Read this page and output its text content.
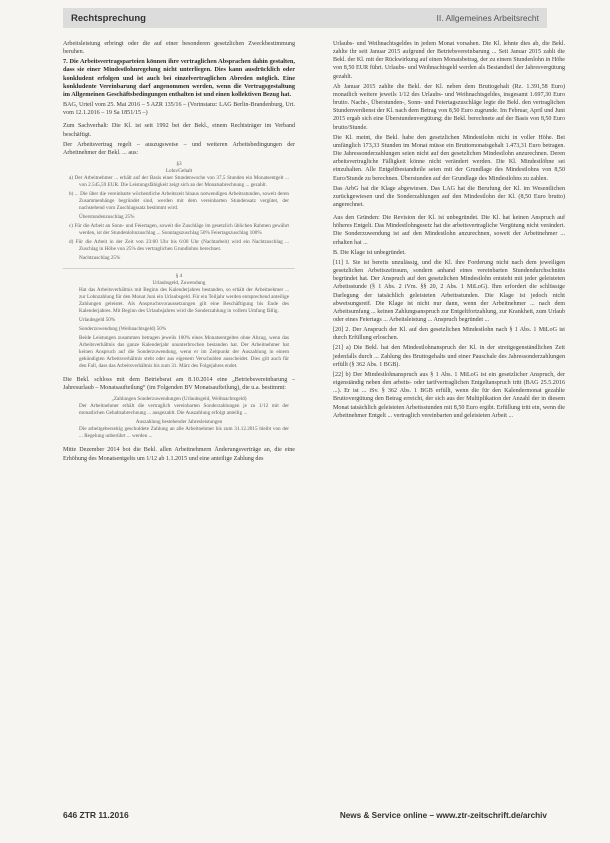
Rechtsprechung	II. Allgemeines Arbeitsrecht

Arbeitsleistung erbringt oder die auf einer besonderen gesetzlichen Zweckbestimmung beruhen.

7. Die Arbeitsvertragsparteien können ihre vertraglichen Absprachen dahin gestalten, dass sie einer Mindestlohnregelung nicht unterliegen. Dies kann ausdrücklich oder konkludent erfolgen und ist auch bei einzelvertraglichen Abreden möglich. Eine konkludente Vereinbarung darf angenommen werden, wenn die Vertragsgestaltung im Allgemeinen Geschäftsbedingungen enthalten ist und einen kollektiven Bezug hat.

BAG, Urteil vom 25. Mai 2016 – 5 AZR 135/16 – (Vorinstanz: LAG Berlin-Brandenburg, Urt. vom 12.1.2016 – 19 Sa 1851/15 –)

Zum Sachverhalt: Die Kl. ist seit 1992 bei der Bekl., einem Rechtsträger im Verband beschäftigt.

Der Arbeitsvertrag regelt – auszugsweise – und weiteren Arbeitsbedingungen der Arbeitnehmer der Bekl. ... aus:

§3
Lohn/Gehalt
a) Der Arbeitnehmer ... erhält auf der Basis einer Stundenwoche von 37,5 Stunden ein Monatsentgelt ... von 2.545,59 EUR. Die Leistungsfähigkeit zeigt sich an der Monatsabrechnung ... gezahlt.
b) ... Die über die vereinbarte wöchentliche Arbeitszeit hinaus notwendigen Arbeitsstunden, soweit deren Zusammenhänge begründet sind, werden mit dem vereinbarten Stundensatz vergütet, der nachstehend vom Zuschlagssatz bestimmt wird.
Überstundenzuschlag 25%
c) Für die Arbeit an Sonn- und Feiertagen, soweit die Zuschläge im gesetzlich üblichen Rahmen gewährt werden, ist der Stundenlohnzuschlag ... Sonntagszuschlag 50% Feiertagszuschlag 100%
d) Für die Arbeit in der Zeit von 23:00 Uhr bis 6:00 Uhr (Nachtarbeit) wird ein Nachtzuschlag ... Zuschlag in Höhe von 25% des vertraglichen Grundlohns berechnet.
Nachtzuschlag 25%
§ 4
Urlaubsgeld, Zuwendung
Hat das Arbeitsverhältnis mit Beginn des Kalenderjahres bestanden, so erhält der Arbeitnehmer ... zur Lohnzahlung für den Monat Juni ein Urlaubsgeld. Für ein Teiljahr werden entsprechend anteilige Zahlungen geleistet. Als Anspruchsvoraussetzungen gilt eine Beschäftigung bis Ende des Kalenderjahres. Mit Beginn des Urlaubsjahres wird die Sonderzahlung in vollem Umfang fällig.
Urlaubsgeld 50%
Sonderzuwendung (Weihnachtsgeld) 50%
Beide Leistungen zusammen betragen jeweils 100% eines Monatsentgeltes ohne Abzug, wenn das Arbeitsverhältnis das ganze Kalenderjahr ununterbrochen bestanden hat. Der Arbeitnehmer hat keinen Anspruch auf die Sonderzuwendung, wenn er im Zeitpunkt der Auszahlung in einem gekündigten Arbeitsverhältnis steht oder aus eigenem Verschulden ausscheidet. Dies gilt auch für den Fall, dass das Arbeitsverhältnis bis zum 31. März des Folgejahres endet.

Die Bekl. schloss mit dem Betriebsrat am 8.10.2014 eine „Betriebsvereinbarung – Jahresurlaub – Monatsaufteilung“ (im Folgenden BV Monatsaufteilung), die u.a. bestimmt:

„Zahlungen Sonderzuwendungen (Urlaubsgeld, Weihnachtsgeld)
Der Arbeitnehmer erhält die vertraglich vereinbarten Sonderzahlungen je zu 1/12 mit der monatlichen Gehaltsabrechnung ... ausgezahlt. Die Auszahlung erfolgt anteilig ...
Auszahlung bestehender Jahresleistungen
Die arbeitgeberseitig geschuldete Zahlung an alle Arbeitnehmer bis zum 31.12.2015 bleibt von der ... Regelung unberührt ... werden ...

Mitte Dezember 2014 bot die Bekl. allen Arbeitnehmern Änderungsverträge an, die eine Erhöhung des Monatsentgelts um 1/12 ab 1.1.2015 und eine anteilige Zahlung des

Urlaubs- und Weihnachtsgeldes in jedem Monat vorsahen. Die Kl. lehnte dies ab, die Bekl. zahlte ihr seit Januar 2015 aufgrund der Betriebsvereinbarung ... Seit Januar 2015 zahlt die Bekl. der Kl. mit der Rückwirkung auf einen Monatsbetrag, der zu einem Stundenlohn in Höhe von 8,50 EUR führt. Urlaubs- und Weihnachtsgeld werden als Bestandteil der Jahresvergütung gezahlt.

Ab Januar 2015 zahlte die Bekl. der Kl. neben dem Bruttogehalt (Rz. 1.391,58 Euro) monatlich weitere jeweils 1/12 des Urlaubs- und Weihnachtsgeldes, insgesamt 1.697,30 Euro brutto. Nacht-, Überstunden-, Sonn- und Feiertagszuschläge legte die Bekl. den vertraglichen Stundenverdienst der Kl. nach dem Betrag von 8,50 Euro zugrunde. Im Februar, April und Juni 2015 ergab sich eine Überstundenvergütung; die Bekl. berechnete auf der Basis von 8,50 Euro brutto/Stunde.

Die Kl. meint, die Bekl. habe den gesetzlichen Mindestlohn nicht in voller Höhe. Bei umfänglich 173,33 Stunden im Monat müsse ein Bruttomonatsgehalt 1.473,31 Euro betragen. Die Jahressonderzahlungen seien nicht auf den gesetzlichen Mindestlohn anzurechnen. Deren arbeitsvertragliche Fälligkeit könne nicht verändert werden. Die Kl. Mindestlöhne sei einzuhalten. Alle Entgeltbestandteile seien mit der Grundlage des Mindestlohns von 8,50 Euro/Stunde zu berechnen. Überstunden auf der Grundlage des Mindestlohns zu zahlen.

Das ArbG hat die Klage abgewiesen. Das LAG hat die Berufung der Kl. im Wesentlichen zurückgewiesen und die Sonderzahlungen auf den Mindestlohn der Kl. (8,50 Euro brutto) angerechnet.

Aus den Gründen: Die Revision der Kl. ist unbegründet. Die Kl. hat keinen Anspruch auf höheres Entgelt. Das Mindestlohngesetz hat die arbeitsvertragliche Vergütung nicht verändert. Die Sonderzuwendung ist auf den Mindestlohn anzurechnen, soweit der Arbeitnehmer ... erhalten hat ...

B. Die Klage ist unbegründet.

[11] I. Sie ist bereits unzulässig, und die Kl. ihre Forderung nicht nach dem jeweiligen gesetzlichen Arbeitszeitraum, sondern anhand eines vereinbarten Stundendurchschnitts begründet hat. Der Anspruch auf den gesetzlichen Mindestlohn entsteht mit jeder geleisteten Arbeitsstunde (§ 1 Abs. 2 iVm. §§ 20, 2 Abs. 1 MiLoG). Ihm erfordert die schlüssige Darlegung der tatsächlich geleisteten Arbeitsstunden. Die Klage ist jedoch nicht abweisungsreif. Die Klage ist nicht nur dann, wenn der Arbeitnehmer ... nach dem Arbeitsumfang ... keinen Zahlungsanspruch zur Entgeltfortzahlung, zur Krankheit, zum Urlaub oder eines Feiertags ... Arbeitsleistung ... Anspruch begründet ...

[20] 2. Der Anspruch der Kl. auf den gesetzlichen Mindestlohn nach § 1 Abs. 1 MiLoG ist durch Erfüllung erloschen.

[21] a) Die Bekl. hat den Mindestlohnanspruch der Kl. in der streitgegenständlichen Zeit jedenfalls durch ... Zahlung des Bruttogehalts und einer Pauschale des Jahressonderzahlungen erfüllt (§ 362 Abs. 1 BGB).

[22] b) Der Mindestlohnanspruch aus § 1 Abs. 1 MiLoG ist ein gesetzlicher Anspruch, der eigenständig neben den arbeits- oder tarifvertraglichen Entgeltanspruch tritt (BAG 25.5.2016 ...). Er ist ... iSv. § 362 Abs. 1 BGB erfüllt, wenn die für den Kalendermonat gezahlte Bruttovergütung den Betrag erreicht, der sich aus der Multiplikation der Anzahl der in diesem Monat tatsächlich geleisteten Arbeitsstunden mit 8,50 Euro ergibt. Erfüllung tritt ein, wenn die Arbeitnehmer Entgelt ... vertraglich vereinbarten und geleisteten Arbeit ...

646 ZTR 11.2016	News & Service online – www.ztr-zeitschrift.de/archiv
